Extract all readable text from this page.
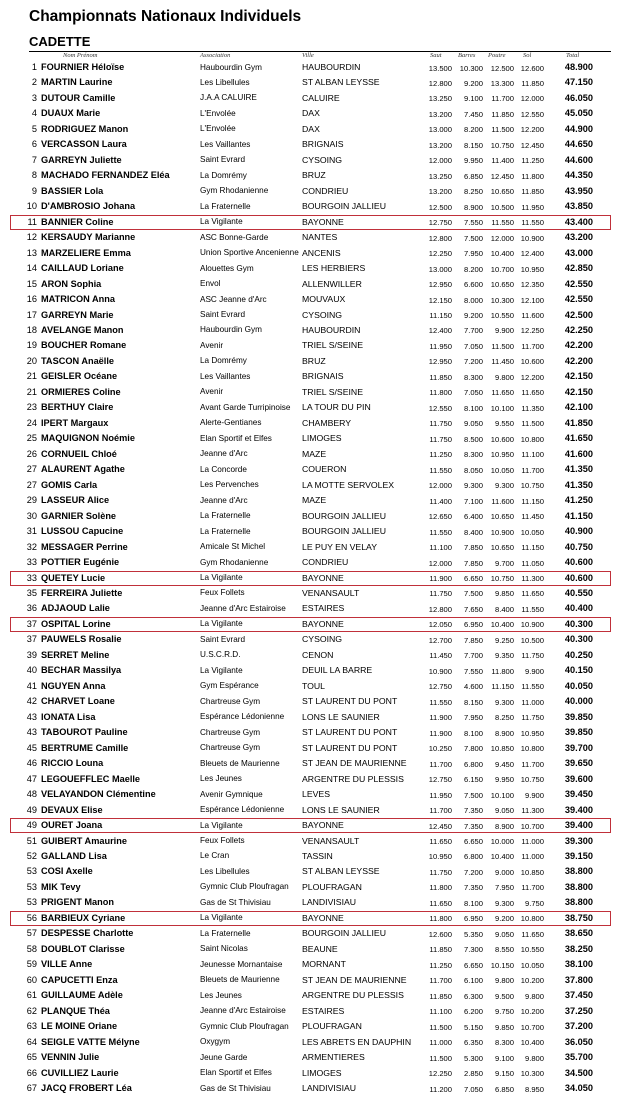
Championnats Nationaux Individuels
CADETTE
Nom Prénom	Association	Ville	Saut	Barres Poutre	Sol	Total
1 FOURNIER Héloïse	Haubourdin Gym	HAUBOURDIN	13.500	10.300	12.500 12.600	48.900
2 MARTIN Laurine	Les Libellules	ST ALBAN LEYSSE	12.800	9.200	13.300 11.850	47.150
3 DUTOUR Camille	J.A.A CALUIRE	CALUIRE	13.250	9.100	11.700 12.000	46.050
4 DUAUX Marie	L'Envolée	DAX	13.200	7.450	11.850 12.550	45.050
5 RODRIGUEZ Manon	L'Envolée	DAX	13.000	8.200	11.500 12.200	44.900
6 VERCASSON Laura	Les Vaillantes	BRIGNAIS	13.200	8.150	10.750 12.450	44.650
7 GARREYN Juliette	Saint Evrard	CYSOING	12.000	9.950	11.400 11.250	44.600
8 MACHADO FERNANDEZ Eléa	La Domrémy	BRUZ	13.250	6.850	12.450 11.800	44.350
9 BASSIER Lola	Gym Rhodanienne	CONDRIEU	13.200	8.250	10.650 11.850	43.950
10 D'AMBROSIO Johana	La Fraternelle	BOURGOIN JALLIEU	12.500	8.900	10.500 11.950	43.850
11 BANNIER Coline	La Vigilante	BAYONNE	12.750	7.550	11.550 11.550	43.400
12 KERSAUDY Marianne	ASC Bonne-Garde	NANTES	12.800	7.500	12.000 10.900	43.200
13 MARZELIERE Emma	Union Sportive Ancenienne ANCENIS	12.250	7.950	10.400 12.400	43.000
14 CAILLAUD Loriane	Alouettes Gym	LES HERBIERS	13.000	8.200	10.700 10.950	42.850
15 ARON Sophia	Envol	ALLENWILLER	12.950	6.600	10.650 12.350	42.550
16 MATRICON Anna	ASC Jeanne d'Arc	MOUVAUX	12.150	8.000	10.300 12.100	42.550
17 GARREYN Marie	Saint Evrard	CYSOING	11.150	9.200	10.550 11.600	42.500
18 AVELANGE Manon	Haubourdin Gym	HAUBOURDIN	12.400	7.700	9.900 12.250	42.250
19 BOUCHER Romane	Avenir	TRIEL S/SEINE	11.950	7.050	11.500 11.700	42.200
20 TASCON Anaëlle	La Domrémy	BRUZ	12.950	7.200	11.450 10.600	42.200
21 GEISLER Océane	Les Vaillantes	BRIGNAIS	11.850	8.300	9.800 12.200	42.150
21 ORMIERES Coline	Avenir	TRIEL S/SEINE	11.800	7.050	11.650 11.650	42.150
23 BERTHUY Claire	Avant Garde Turripinoise LA TOUR DU PIN	12.550	8.100	10.100 11.350	42.100
24 IPERT Margaux	Alerte-Gentianes	CHAMBERY	11.750	9.050	9.550 11.500	41.850
25 MAQUIGNON Noémie	Elan Sportif et Elfes	LIMOGES	11.750	8.500	10.600 10.800	41.650
26 CORNUEIL Chloé	Jeanne d'Arc	MAZE	11.250	8.300	10.950 11.100	41.600
27 ALAURENT Agathe	La Concorde	COUERON	11.550	8.050	10.050 11.700	41.350
27 GOMIS Carla	Les Pervenches	LA MOTTE SERVOLEX	12.000	9.300	9.300 10.750	41.350
29 LASSEUR Alice	Jeanne d'Arc	MAZE	11.400	7.100	11.600 11.150	41.250
30 GARNIER Solène	La Fraternelle	BOURGOIN JALLIEU	12.650	6.400	10.650 11.450	41.150
31 LUSSOU Capucine	La Fraternelle	BOURGOIN JALLIEU	11.550	8.400	10.900 10.050	40.900
32 MESSAGER Perrine	Amicale St Michel	LE PUY EN VELAY	11.100	7.850	10.650 11.150	40.750
33 POTTIER Eugénie	Gym Rhodanienne	CONDRIEU	12.000	7.850	9.700 11.050	40.600
33 QUETEY Lucie	La Vigilante	BAYONNE	11.900	6.650	10.750 11.300	40.600
35 FERREIRA Juliette	Feux Follets	VENANSAULT	11.750	7.500	9.850 11.650	40.550
36 ADJAOUD Lalie	Jeanne d'Arc Estairoise ESTAIRES	12.800	7.650	8.400 11.550	40.400
37 OSPITAL Lorine	La Vigilante	BAYONNE	12.050	6.950	10.400 10.900	40.300
37 PAUWELS Rosalie	Saint Evrard	CYSOING	12.700	7.850	9.250 10.500	40.300
39 SERRET Meline	U.S.C.R.D.	CENON	11.450	7.700	9.350 11.750	40.250
40 BECHAR Massilya	La Vigilante	DEUIL LA BARRE	10.900	7.550	11.800	9.900	40.150
41 NGUYEN Anna	Gym Espérance	TOUL	12.750	4.600	11.150 11.550	40.050
42 CHARVET Loane	Chartreuse Gym	ST LAURENT DU PONT	11.550	8.150	9.300 11.000	40.000
43 IONATA Lisa	Espérance Lédonienne LONS LE SAUNIER	11.900	7.950	8.250 11.750	39.850
43 TABOUROT Pauline	Chartreuse Gym	ST LAURENT DU PONT	11.900	8.100	8.900 10.950	39.850
45 BERTRUME Camille	Chartreuse Gym	ST LAURENT DU PONT	10.250	7.800	10.850 10.800	39.700
46 RICCIO Louna	Bleuets de Maurienne	ST JEAN DE MAURIENNE	11.700	6.800	9.450 11.700	39.650
47 LEGOUEFFLEC Maelle	Les Jeunes	ARGENTRE DU PLESSIS	12.750	6.150	9.950 10.750	39.600
48 VELAYANDON Clémentine	Avenir Gymnique	LEVES	11.950	7.500	10.100	9.900	39.450
49 DEVAUX Elise	Espérance Lédonienne LONS LE SAUNIER	11.700	7.350	9.050 11.300	39.400
49 OURET Joana	La Vigilante	BAYONNE	12.450	7.350	8.900 10.700	39.400
51 GUIBERT Amaurine	Feux Follets	VENANSAULT	11.650	6.650	10.000 11.000	39.300
52 GALLAND Lisa	Le Cran	TASSIN	10.950	6.800	10.400 11.000	39.150
53 COSI Axelle	Les Libellules	ST ALBAN LEYSSE	11.750	7.200	9.000 10.850	38.800
53 MIK Tevy	Gymnic Club Ploufragan PLOUFRAGAN	11.800	7.350	7.950 11.700	38.800
53 PRIGENT Manon	Gas de St Thivisiau	LANDIVISIAU	11.650	8.100	9.300	9.750	38.800
56 BARBIEUX Cyriane	La Vigilante	BAYONNE	11.800	6.950	9.200 10.800	38.750
57 DESPESSE Charlotte	La Fraternelle	BOURGOIN JALLIEU	12.600	5.350	9.050 11.650	38.650
58 DOUBLOT Clarisse	Saint Nicolas	BEAUNE	11.850	7.300	8.550 10.550	38.250
59 VILLE Anne	Jeunesse Mornantaise MORNANT	11.250	6.650	10.150 10.050	38.100
60 CAPUCETTI Enza	Bleuets de Maurienne	ST JEAN DE MAURIENNE	11.700	6.100	9.800 10.200	37.800
61 GUILLAUME Adèle	Les Jeunes	ARGENTRE DU PLESSIS	11.850	6.300	9.500	9.800	37.450
62 PLANQUE Théa	Jeanne d'Arc Estairoise ESTAIRES	11.100	6.200	9.750 10.200	37.250
63 LE MOINE Oriane	Gymnic Club Ploufragan PLOUFRAGAN	11.500	5.150	9.850 10.700	37.200
64 SEIGLE VATTE Mélyne	Oxygym	LES ABRETS EN DAUPHIN	11.000	6.350	8.300 10.400	36.050
65 VENNIN Julie	Jeune Garde	ARMENTIERES	11.500	5.300	9.100	9.800	35.700
66 CUVILLIEZ Laurie	Elan Sportif et Elfes	LIMOGES	12.250	2.850	9.150 10.300	34.500
67 JACQ FROBERT Léa	Gas de St Thivisiau	LANDIVISIAU	11.200	7.050	6.850	8.950	34.050
